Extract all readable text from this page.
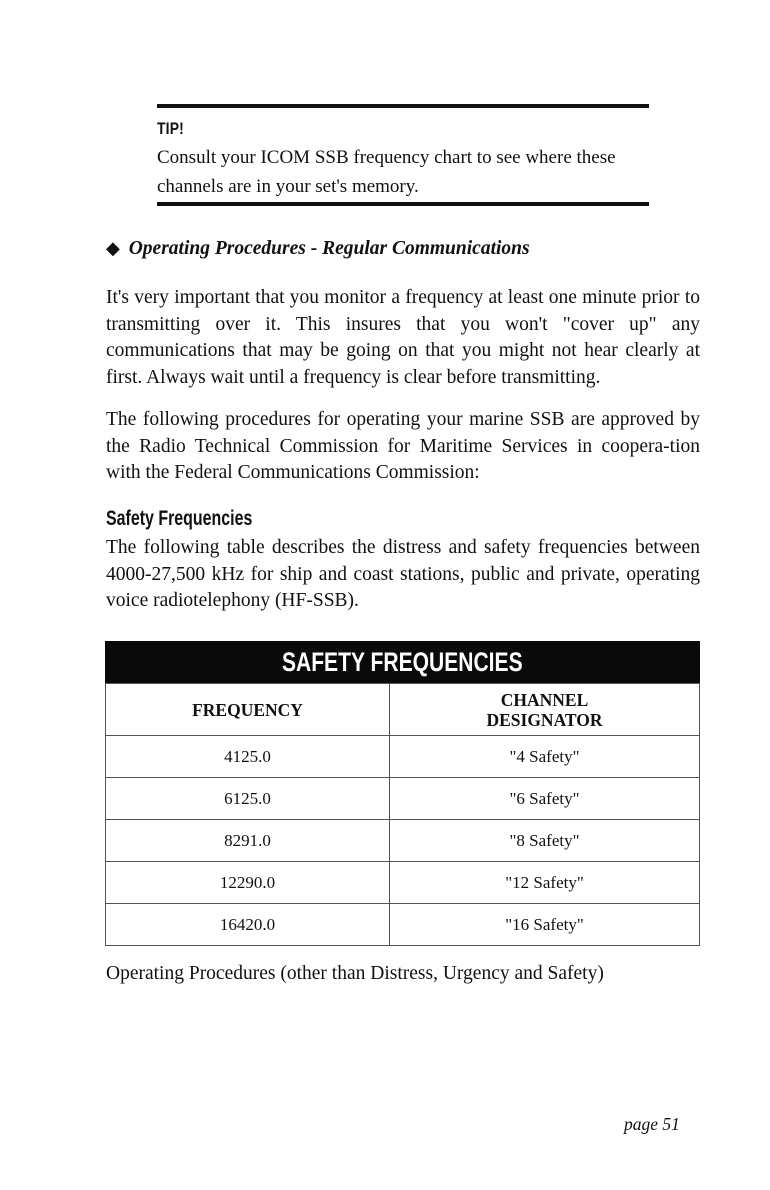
TIP!
Consult your ICOM SSB frequency chart to see where these
channels are in your set's memory.
◆ Operating Procedures - Regular Communications
It's very important that you monitor a frequency at least one minute prior to transmitting over it. This insures that you won't "cover up" any communications that may be going on that you might not hear clearly at first. Always wait until a frequency is clear before transmitting.
The following procedures for operating your marine SSB are approved by the Radio Technical Commission for Maritime Services in coopera-tion with the Federal Communications Commission:
Safety Frequencies
The following table describes the distress and safety frequencies between 4000-27,500 kHz for ship and coast stations, public and private, operating voice radiotelephony (HF-SSB).
SAFETY FREQUENCIES
FREQUENCY	CHANNEL
DESIGNATOR
4125.0	"4 Safety"
6125.0	"6 Safety"
8291.0	"8 Safety"
12290.0	"12 Safety"
16420.0	"16 Safety"
Operating Procedures (other than Distress, Urgency and Safety)
page 51
